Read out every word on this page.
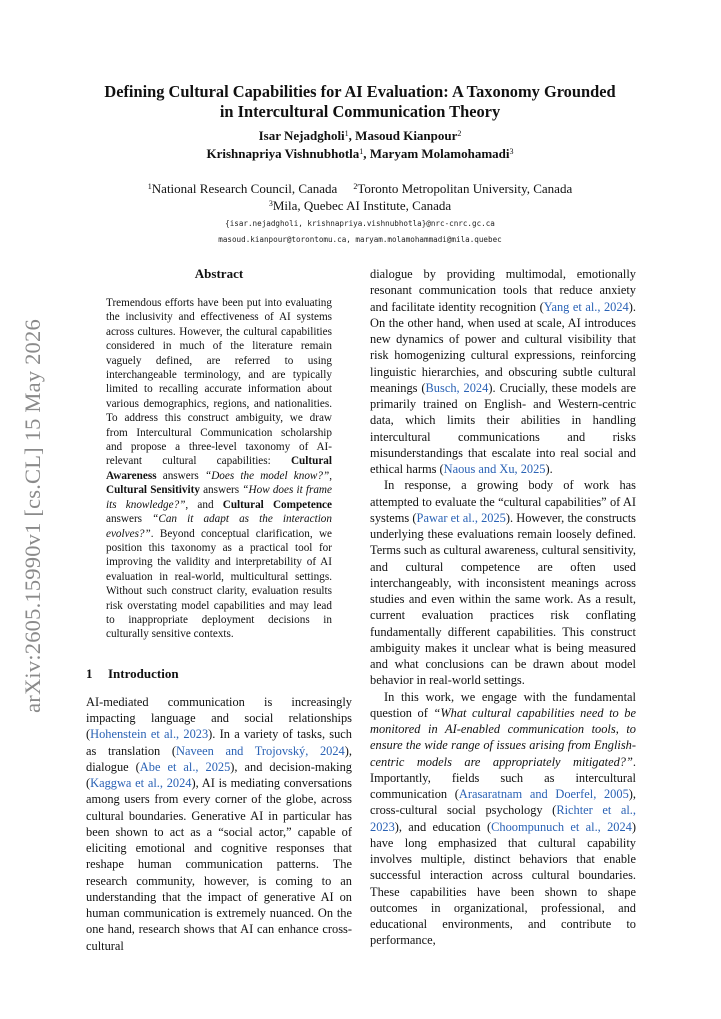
arXiv:2605.15990v1 [cs.CL] 15 May 2026
Defining Cultural Capabilities for AI Evaluation: A Taxonomy Grounded
in Intercultural Communication Theory
Isar Nejadgholi$^1$, Masoud Kianpour$^2$
Krishnapriya Vishnubhotla$^1$, Maryam Molamohamadi$^3$
$^1$National Research Council, Canada $^2$Toronto Metropolitan University, Canada
$^3$Mila, Quebec AI Institute, Canada
{isar.nejadgholi, krishnapriya.vishnubhotla}@nrc-cnrc.gc.ca
masoud.kianpour@torontomu.ca, maryam.molamohammadi@mila.quebec
Abstract
Tremendous efforts have been put into evaluating the inclusivity and effectiveness of AI systems across cultures. However, the cultural capabilities considered in much of the literature remain vaguely defined, are referred to using interchangeable terminology, and are typically limited to recalling accurate information about various demographics, regions, and nationalities. To address this construct ambiguity, we draw from Intercultural Communication scholarship and propose a three-level taxonomy of AI-relevant cultural capabilities: Cultural Awareness answers “Does the model know?”, Cultural Sensitivity answers “How does it frame its knowledge?”, and Cultural Competence answers “Can it adapt as the interaction evolves?”. Beyond conceptual clarification, we position this taxonomy as a practical tool for improving the validity and interpretability of AI evaluation in real-world, multicultural settings. Without such construct clarity, evaluation results risk overstating model capabilities and may lead to inappropriate deployment decisions in culturally sensitive contexts.
1 Introduction
AI-mediated communication is increasingly impacting language and social relationships (Hohenstein et al., 2023). In a variety of tasks, such as translation (Naveen and Trojovský, 2024), dialogue (Abe et al., 2025), and decision-making (Kaggwa et al., 2024), AI is mediating conversations among users from every corner of the globe, across cultural boundaries. Generative AI in particular has been shown to act as a “social actor,” capable of eliciting emotional and cognitive responses that reshape human communication patterns. The research community, however, is coming to an understanding that the impact of generative AI on human communication is extremely nuanced. On the one hand, research shows that AI can enhance cross-cultural

dialogue by providing multimodal, emotionally resonant communication tools that reduce anxiety and facilitate identity recognition (Yang et al., 2024). On the other hand, when used at scale, AI introduces new dynamics of power and cultural visibility that risk homogenizing cultural expressions, reinforcing linguistic hierarchies, and obscuring subtle cultural meanings (Busch, 2024). Crucially, these models are primarily trained on English- and Western-centric data, which limits their abilities in handling intercultural communications and risks misunderstandings that escalate into real social and ethical harms (Naous and Xu, 2025).

In response, a growing body of work has attempted to evaluate the “cultural capabilities” of AI systems (Pawar et al., 2025). However, the constructs underlying these evaluations remain loosely defined. Terms such as cultural awareness, cultural sensitivity, and cultural competence are often used interchangeably, with inconsistent meanings across studies and even within the same work. As a result, current evaluation practices risk conflating fundamentally different capabilities. This construct ambiguity makes it unclear what is being measured and what conclusions can be drawn about model behavior in real-world settings.

In this work, we engage with the fundamental question of “What cultural capabilities need to be monitored in AI-enabled communication tools, to ensure the wide range of issues arising from English-centric models are appropriately mitigated?”. Importantly, fields such as intercultural communication (Arasaratnam and Doerfel, 2005), cross-cultural social psychology (Richter et al., 2023), and education (Choompunuch et al., 2024) have long emphasized that cultural capability involves multiple, distinct behaviors that enable successful interaction across cultural boundaries. These capabilities have been shown to shape outcomes in organizational, professional, and educational environments, and contribute to performance,
